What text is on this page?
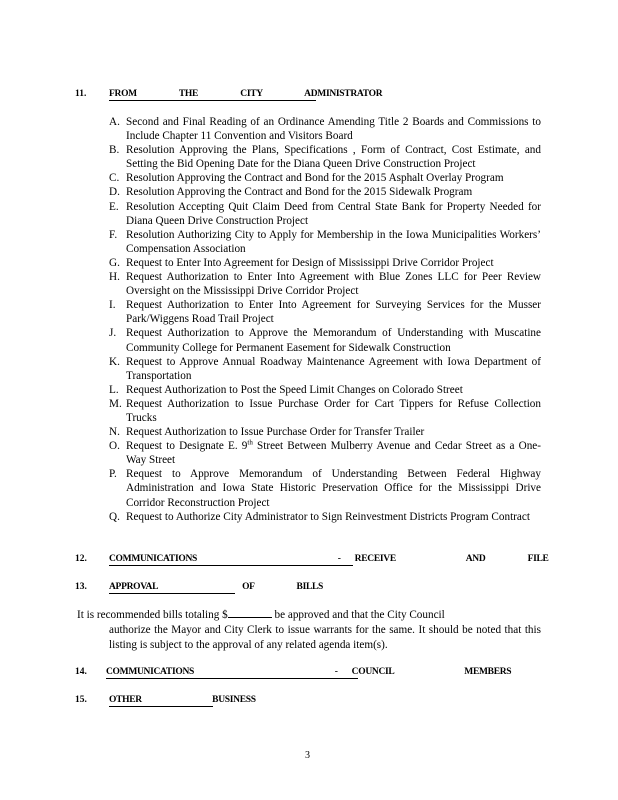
11. FROM   THE   CITY   ADMINISTRATOR
A. Second and Final Reading of an Ordinance Amending Title 2 Boards and Commissions to Include Chapter 11 Convention and Visitors Board
B. Resolution Approving the Plans, Specifications , Form of Contract, Cost Estimate, and Setting the Bid Opening Date for the Diana Queen Drive Construction Project
C. Resolution Approving the Contract and Bond for the 2015 Asphalt Overlay Program
D. Resolution Approving the Contract and Bond for the 2015 Sidewalk Program
E. Resolution Accepting Quit Claim Deed from Central State Bank for Property Needed for Diana Queen Drive Construction Project
F. Resolution Authorizing City to Apply for Membership in the Iowa Municipalities Workers’ Compensation Association
G. Request to Enter Into Agreement for Design of Mississippi Drive Corridor Project
H. Request Authorization to Enter Into Agreement with Blue Zones LLC for Peer Review Oversight on the Mississippi Drive Corridor Project
I. Request Authorization to Enter Into Agreement for Surveying Services for the Musser Park/Wiggens Road Trail Project
J. Request Authorization to Approve the Memorandum of Understanding with Muscatine Community College for Permanent Easement for Sidewalk Construction
K. Request to Approve Annual Roadway Maintenance Agreement with Iowa Department of Transportation
L. Request Authorization to Post the Speed Limit Changes on Colorado Street
M. Request Authorization to Issue Purchase Order for Cart Tippers for Refuse Collection Trucks
N. Request Authorization to Issue Purchase Order for Transfer Trailer
O. Request to Designate E. 9th Street Between Mulberry Avenue and Cedar Street as a One-Way Street
P. Request to Approve Memorandum of Understanding Between Federal Highway Administration and Iowa State Historic Preservation Office for the Mississippi Drive Corridor Reconstruction Project
Q. Request to Authorize City Administrator to Sign Reinvestment Districts Program Contract
12. COMMUNICATIONS          - RECEIVE     AND   FILE
13. APPROVAL      OF   BILLS
It is recommended bills totaling $	be approved and that the City Council
authorize the Mayor and City Clerk to issue warrants for the same. It should be noted that this listing is subject to the approval of any related agenda item(s).
14. COMMUNICATIONS          - COUNCIL     MEMBERS
15. OTHER     BUSINESS
3
